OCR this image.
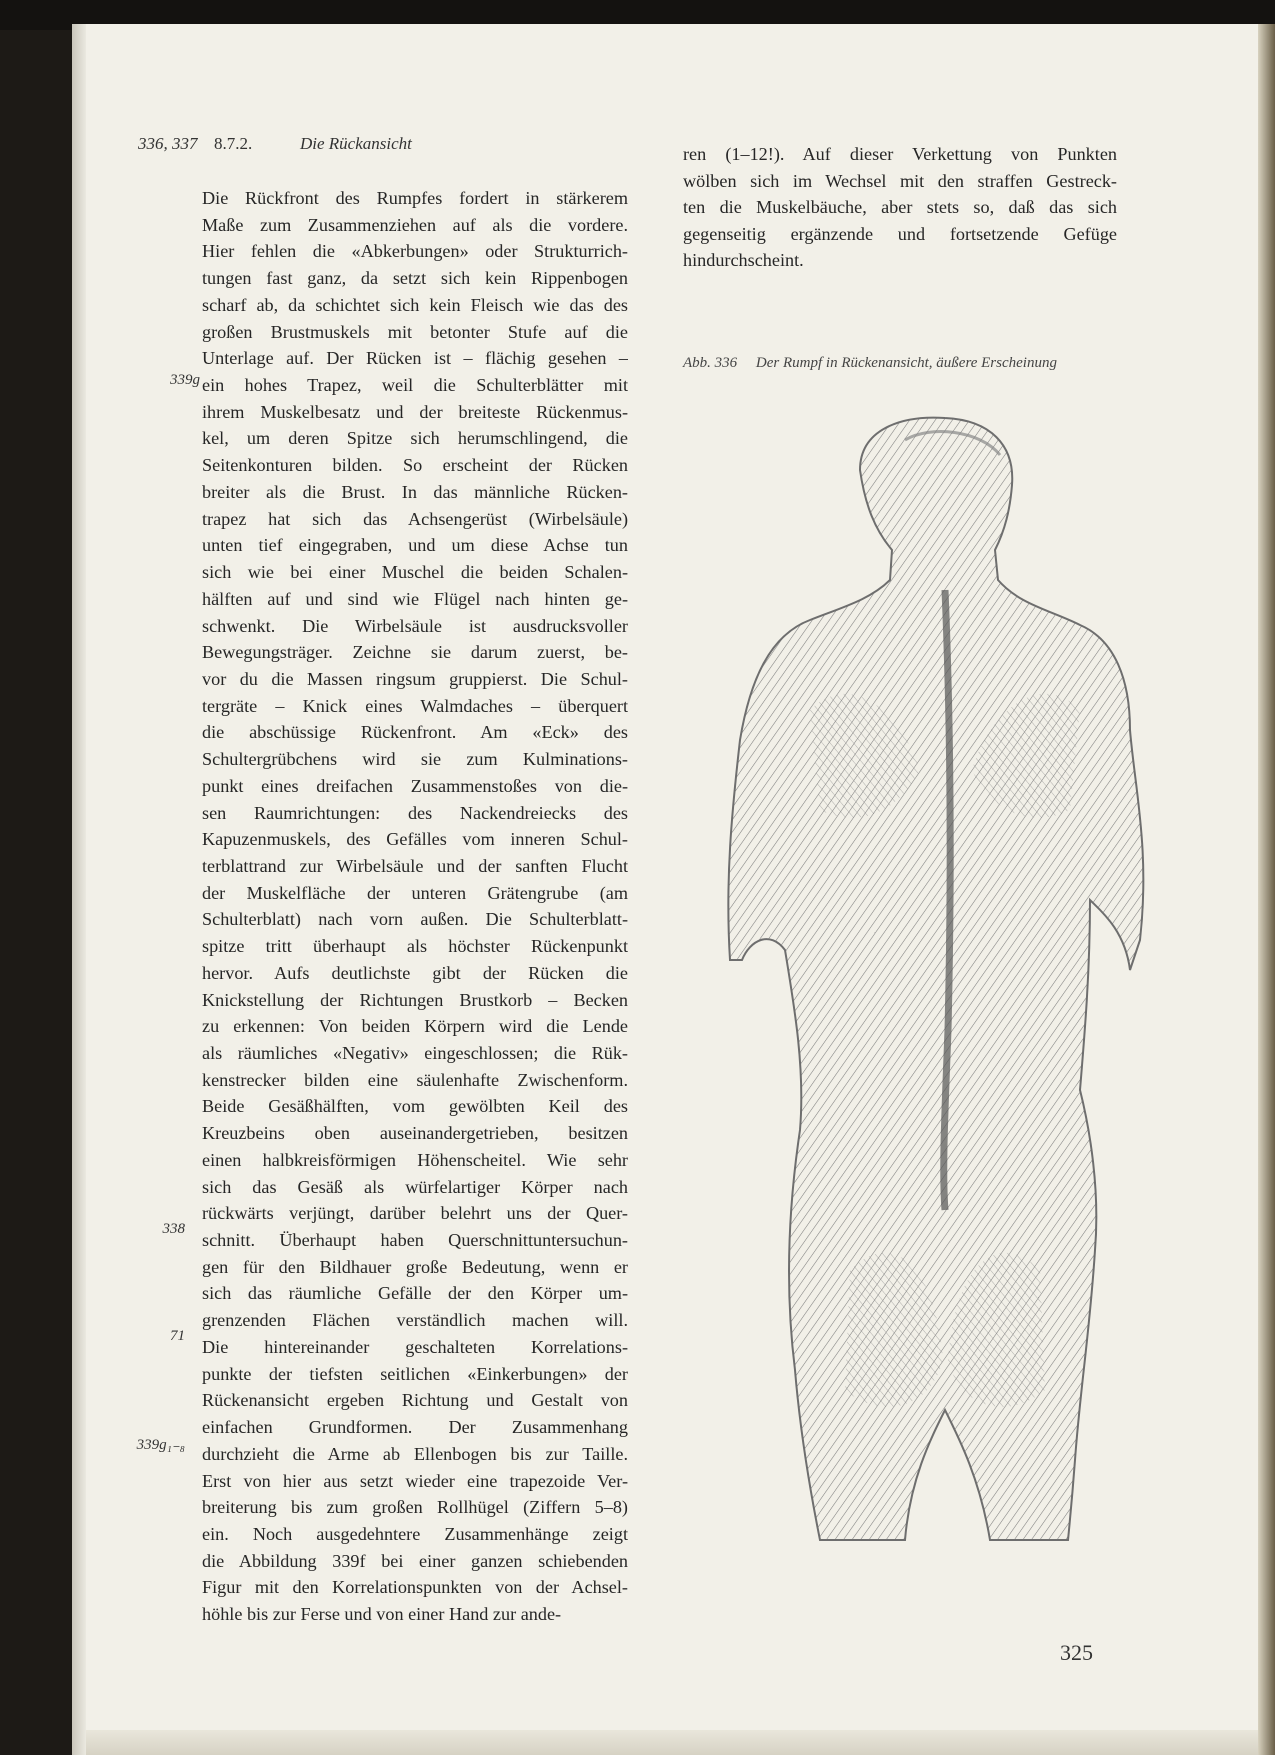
336, 337 8.7.2.	Die Rückansicht
Die Rückfront des Rumpfes fordert in stärkerem
Maße zum Zusammenziehen auf als die vordere.
Hier fehlen die «Abkerbungen» oder Strukturrich-
tungen fast ganz, da setzt sich kein Rippenbogen
scharf ab, da schichtet sich kein Fleisch wie das des
großen Brustmuskels mit betonter Stufe auf die
Unterlage auf. Der Rücken ist – flächig gesehen –
ein hohes Trapez, weil die Schulterblätter mit
ihrem Muskelbesatz und der breiteste Rückenmus-
kel, um deren Spitze sich herumschlingend, die
Seitenkonturen bilden. So erscheint der Rücken
breiter als die Brust. In das männliche Rücken-
trapez hat sich das Achsengerüst (Wirbelsäule)
unten tief eingegraben, und um diese Achse tun
sich wie bei einer Muschel die beiden Schalen-
hälften auf und sind wie Flügel nach hinten ge-
schwenkt. Die Wirbelsäule ist ausdrucksvoller
Bewegungsträger. Zeichne sie darum zuerst, be-
vor du die Massen ringsum gruppierst. Die Schul-
tergräte – Knick eines Walmdaches – überquert
die abschüssige Rückenfront. Am «Eck» des
Schultergrübchens wird sie zum Kulminations-
punkt eines dreifachen Zusammenstoßes von die-
sen Raumrichtungen: des Nackendreiecks des
Kapuzenmuskels, des Gefälles vom inneren Schul-
terblattrand zur Wirbelsäule und der sanften Flucht
der Muskelfläche der unteren Grätengrube (am
Schulterblatt) nach vorn außen. Die Schulterblatt-
spitze tritt überhaupt als höchster Rückenpunkt
hervor. Aufs deutlichste gibt der Rücken die
Knickstellung der Richtungen Brustkorb – Becken
zu erkennen: Von beiden Körpern wird die Lende
als räumliches «Negativ» eingeschlossen; die Rük-
kenstrecker bilden eine säulenhafte Zwischenform.
Beide Gesäßhälften, vom gewölbten Keil des
Kreuzbeins oben auseinandergetrieben, besitzen
einen halbkreisförmigen Höhenscheitel. Wie sehr
sich das Gesäß als würfelartiger Körper nach
rückwärts verjüngt, darüber belehrt uns der Quer-
schnitt. Überhaupt haben Querschnittuntersuchun-
gen für den Bildhauer große Bedeutung, wenn er
sich das räumliche Gefälle der den Körper um-
grenzenden Flächen verständlich machen will.
Die hintereinander geschalteten Korrelations-
punkte der tiefsten seitlichen «Einkerbungen» der
Rückenansicht ergeben Richtung und Gestalt von
einfachen Grundformen. Der Zusammenhang
durchzieht die Arme ab Ellenbogen bis zur Taille.
Erst von hier aus setzt wieder eine trapezoide Ver-
breiterung bis zum großen Rollhügel (Ziffern 5–8)
ein. Noch ausgedehntere Zusammenhänge zeigt
die Abbildung 339f bei einer ganzen schiebenden
Figur mit den Korrelationspunkten von der Achsel-
höhle bis zur Ferse und von einer Hand zur ande-
339g
338
71
339g₁₋₈
ren (1–12!). Auf dieser Verkettung von Punkten
wölben sich im Wechsel mit den straffen Gestreck-
ten die Muskelbäuche, aber stets so, daß das sich
gegenseitig ergänzende und fortsetzende Gefüge
hindurchscheint.
Abb. 336 Der Rumpf in Rückenansicht, äußere Erscheinung
325
